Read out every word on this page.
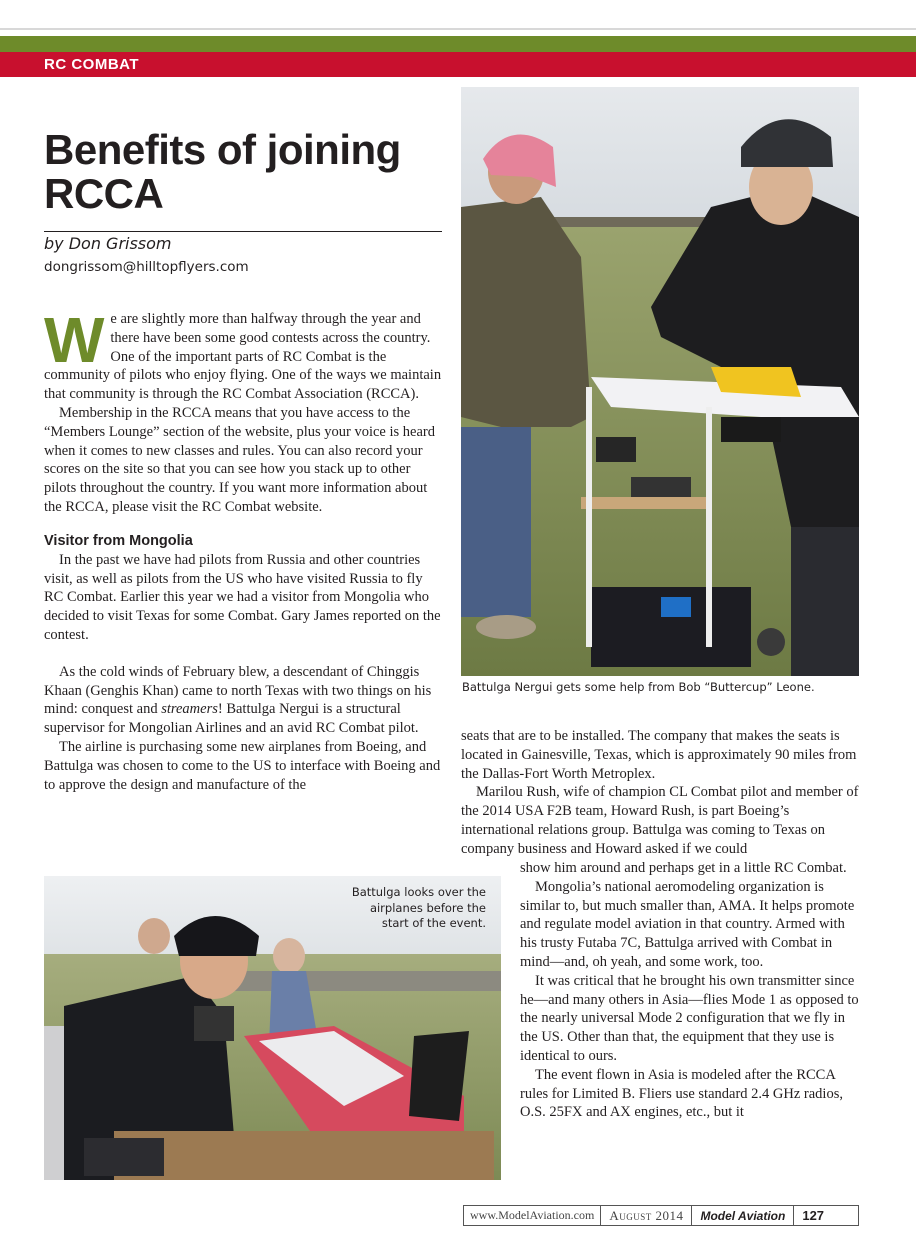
RC COMBAT
Benefits of joining RCCA
by Don Grissom
dongrissom@hilltopflyers.com

We are slightly more than halfway through the year and there have been some good contests across the country. One of the important parts of RC Combat is the community of pilots who enjoy flying. One of the ways we maintain that community is through the RC Combat Association (RCCA).

Membership in the RCCA means that you have access to the “Members Lounge” section of the website, plus your voice is heard when it comes to new classes and rules. You can also record your scores on the site so that you can see how you stack up to other pilots throughout the country. If you want more information about the RCCA, please visit the RC Combat website.

Visitor from Mongolia

In the past we have had pilots from Russia and other countries visit, as well as pilots from the US who have visited Russia to fly RC Combat. Earlier this year we had a visitor from Mongolia who decided to visit Texas for some Combat. Gary James reported on the contest.

As the cold winds of February blew, a descendant of Chinggis Khaan (Genghis Khan) came to north Texas with two things on his mind: conquest and streamers! Battulga Nergui is a structural supervisor for Mongolian Airlines and an avid RC Combat pilot.

The airline is purchasing some new airplanes from Boeing, and Battulga was chosen to come to the US to interface with Boeing and to approve the design and manufacture of the

Battulga Nergui gets some help from Bob “Buttercup” Leone.
Battulga looks over the airplanes before the start of the event.

seats that are to be installed. The company that makes the seats is located in Gainesville, Texas, which is approximately 90 miles from the Dallas-Fort Worth Metroplex.

Marilou Rush, wife of champion CL Combat pilot and member of the 2014 USA F2B team, Howard Rush, is part Boeing’s international relations group. Battulga was coming to Texas on company business and Howard asked if we could

show him around and perhaps get in a little RC Combat.

Mongolia’s national aeromodeling organization is similar to, but much smaller than, AMA. It helps promote and regulate model aviation in that country. Armed with his trusty Futaba 7C, Battulga arrived with Combat in mind—and, oh yeah, and some work, too.

It was critical that he brought his own transmitter since he—and many others in Asia—flies Mode 1 as opposed to the nearly universal Mode 2 configuration that we fly in the US. Other than that, the equipment that they use is identical to ours.

The event flown in Asia is modeled after the RCCA rules for Limited B. Fliers use standard 2.4 GHz radios, O.S. 25FX and AX engines, etc., but it

www.ModelAviation.com	August 2014	Model Aviation	127
